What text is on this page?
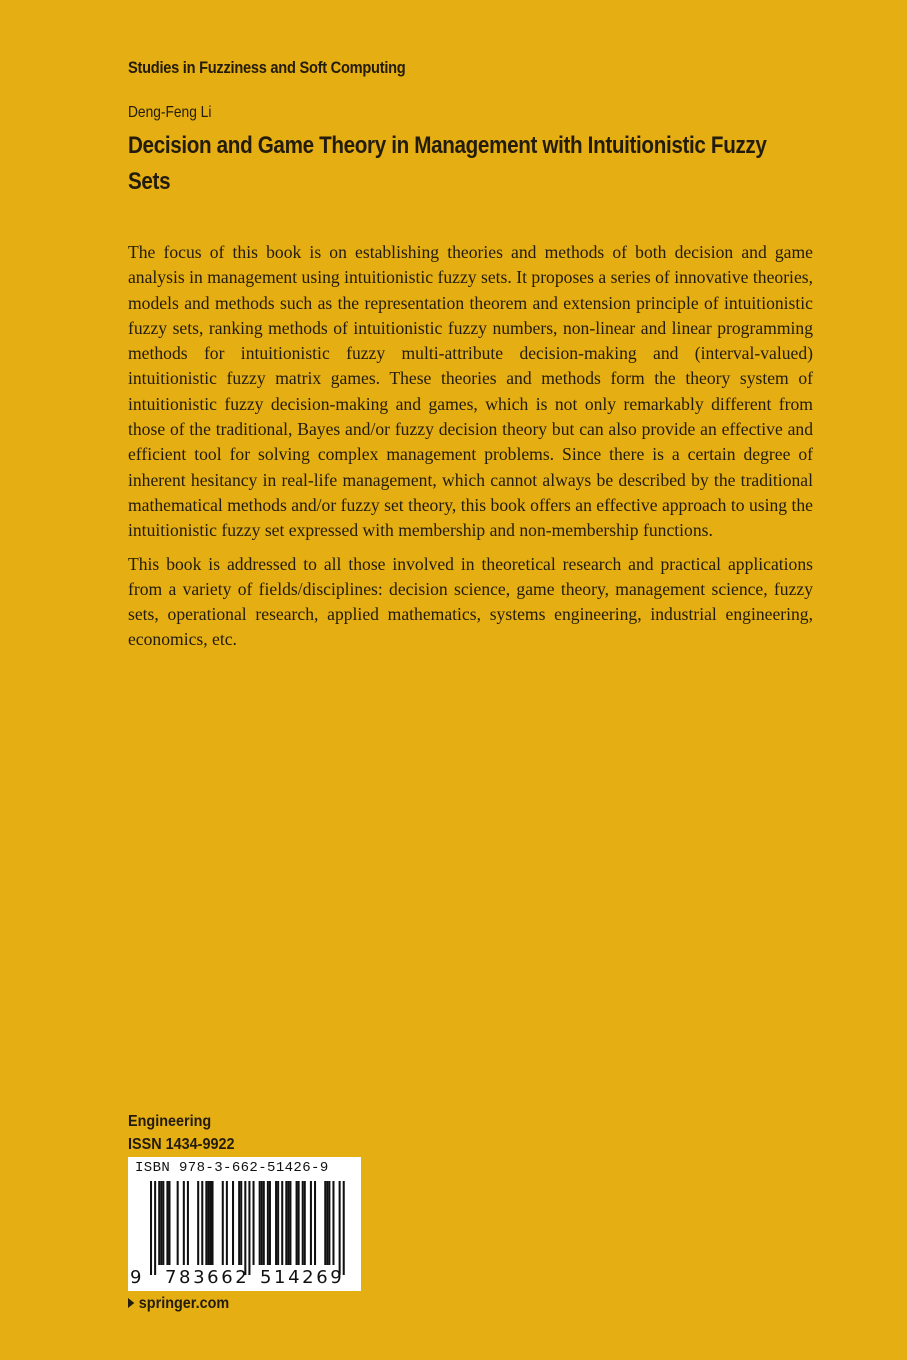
Studies in Fuzziness and Soft Computing
Deng-Feng Li
Decision and Game Theory in Management with Intuitionistic Fuzzy Sets

The focus of this book is on establishing theories and methods of both decision and game analysis in management using intuitionistic fuzzy sets. It proposes a series of innovative theories, models and methods such as the representation theorem and extension principle of intuitionistic fuzzy sets, ranking methods of intuitionistic fuzzy numbers, non-linear and linear programming methods for intuitionistic fuzzy multi-attribute decision-making and (interval-valued) intuitionistic fuzzy matrix games. These theories and methods form the theory system of intuitionistic fuzzy decision-making and games, which is not only remarkably different from those of the traditional, Bayes and/or fuzzy decision theory but can also provide an effective and efficient tool for solving complex management problems. Since there is a certain degree of inherent hesitancy in real-life management, which cannot always be described by the traditional mathematical methods and/or fuzzy set theory, this book offers an effective approach to using the intuitionistic fuzzy set expressed with membership and non-membership functions.

This book is addressed to all those involved in theoretical research and practical applications from a variety of fields/disciplines: decision science, game theory, management science, fuzzy sets, operational research, applied mathematics, systems engineering, industrial engineering, economics, etc.

Engineering
ISSN 1434-9922
ISBN 978-3-662-51426-9
9 783662 514269
springer.com
